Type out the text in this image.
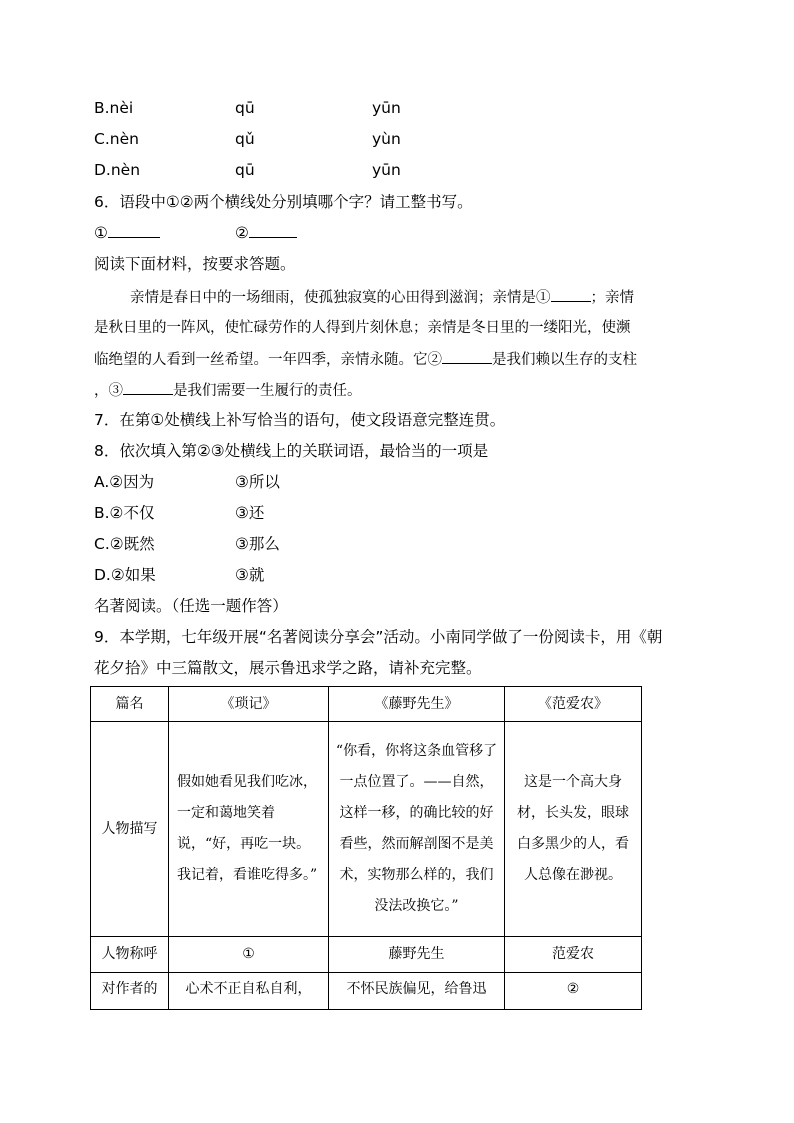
B.nèi	qū	yūn
C.nèn	qǔ	yùn
D.nèn	qū	yūn
6．语段中①②两个横线处分别填哪个字？请工整书写。
①	②
阅读下面材料，按要求答题。
亲情是春日中的一场细雨，使孤独寂寞的心田得到滋润；亲情是①	；亲情
是秋日里的一阵风，使忙碌劳作的人得到片刻休息；亲情是冬日里的一缕阳光，使濒
临绝望的人看到一丝希望。一年四季，亲情永随。它②	是我们赖以生存的支柱
，③	是我们需要一生履行的责任。
7．在第①处横线上补写恰当的语句，使文段语意完整连贯。
8．依次填入第②③处横线上的关联词语，最恰当的一项是
A.②因为	③所以
B.②不仅	③还
C.②既然	③那么
D.②如果	③就
名著阅读。（任选一题作答）
9．本学期，七年级开展“名著阅读分享会”活动。小南同学做了一份阅读卡，用《朝
花夕拾》中三篇散文，展示鲁迅求学之路，请补充完整。
篇名	《琐记》	《藤野先生》	《范爱农》
人物描写	假如她看见我们吃冰，一定和蔼地笑着说，“好，再吃一块。我记着，看谁吃得多。”	“你看，你将这条血管移了一点位置了。——自然，这样一移，的确比较的好看些，然而解剖图不是美术，实物那么样的，我们没法改换它。”	这是一个高大身材，长头发，眼球白多黑少的人，看人总像在渺视。
人物称呼	①	藤野先生	范爱农
对作者的	心术不正自私自利，	不怀民族偏见，给鲁迅	②
